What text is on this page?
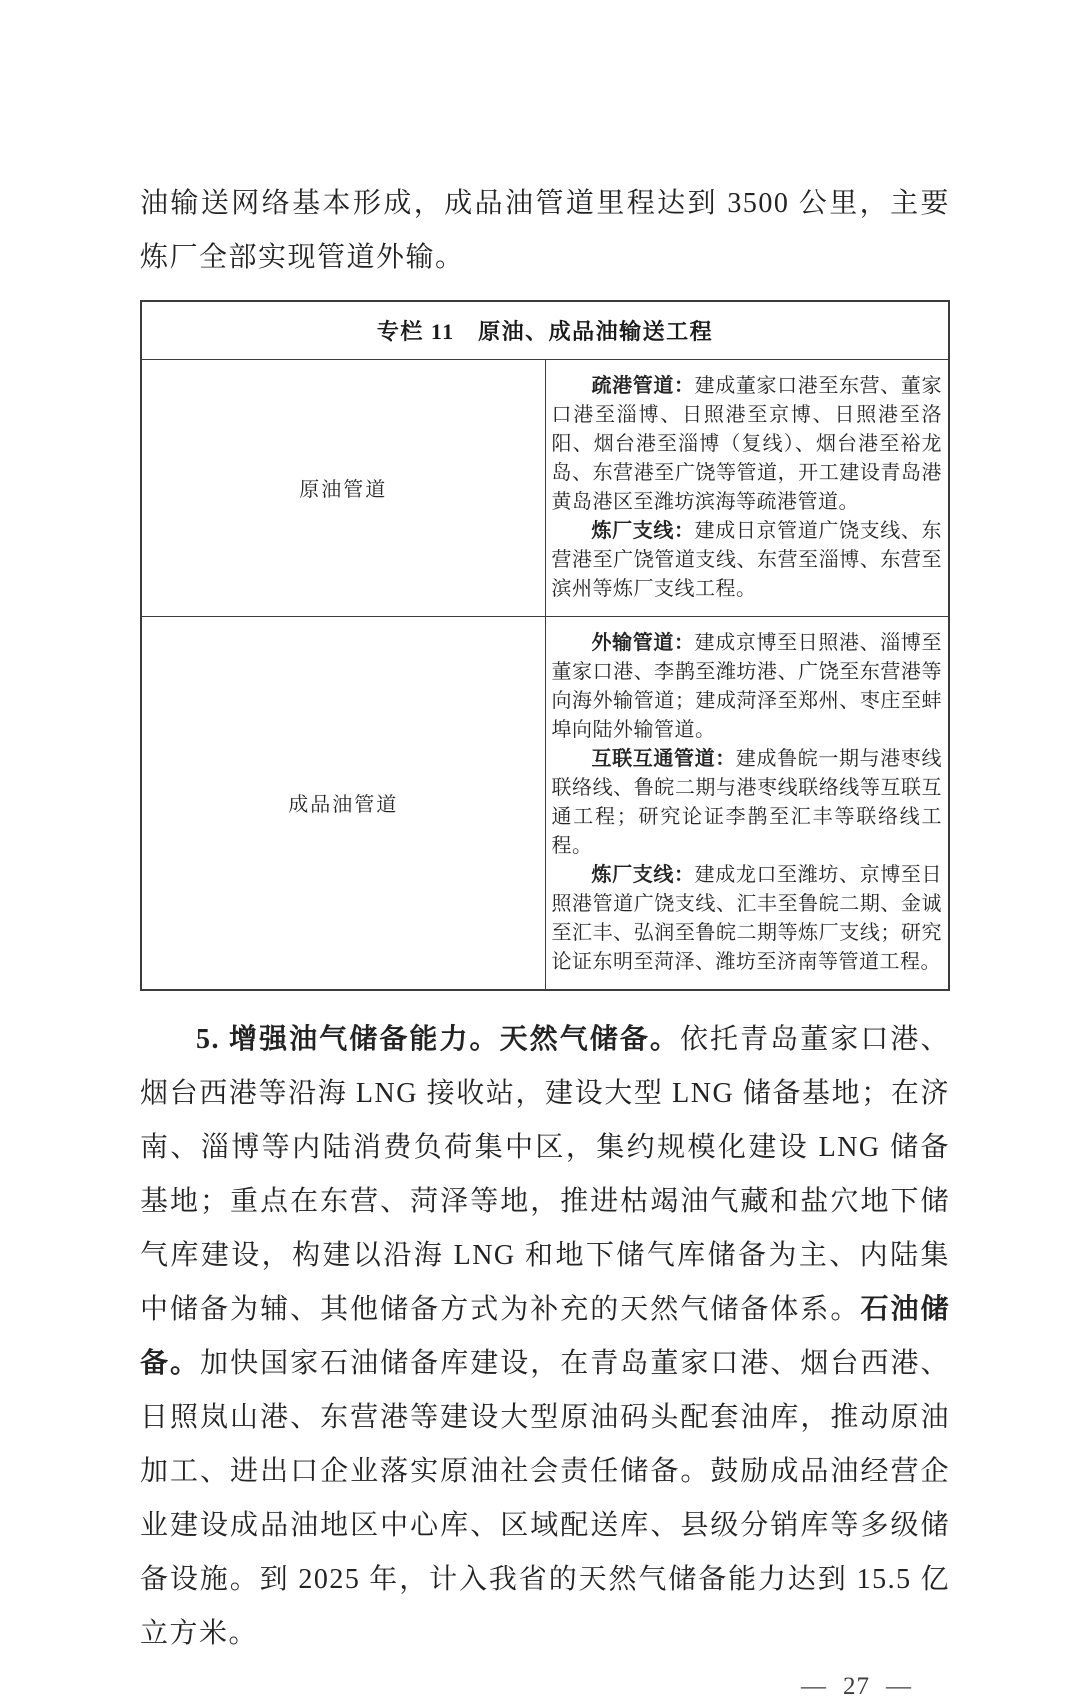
油输送网络基本形成，成品油管道里程达到 3500 公里，主要炼厂全部实现管道外输。

专栏 11　原油、成品油输送工程	
原油管道	疏港管道：建成董家口港至东营、董家口港至淄博、日照港至京博、日照港至洛阳、烟台港至淄博（复线）、烟台港至裕龙岛、东营港至广饶等管道，开工建设青岛港黄岛港区至潍坊滨海等疏港管道。

炼厂支线：建成日京管道广饶支线、东营港至广饶管道支线、东营至淄博、东营至滨州等炼厂支线工程。

成品油管道	外输管道：建成京博至日照港、淄博至董家口港、李鹊至潍坊港、广饶至东营港等向海外输管道；建成菏泽至郑州、枣庄至蚌埠向陆外输管道。

互联互通管道：建成鲁皖一期与港枣线联络线、鲁皖二期与港枣线联络线等互联互通工程；研究论证李鹊至汇丰等联络线工程。

炼厂支线：建成龙口至潍坊、京博至日照港管道广饶支线、汇丰至鲁皖二期、金诚至汇丰、弘润至鲁皖二期等炼厂支线；研究论证东明至菏泽、潍坊至济南等管道工程。

5. 增强油气储备能力。天然气储备。依托青岛董家口港、烟台西港等沿海 LNG 接收站，建设大型 LNG 储备基地；在济南、淄博等内陆消费负荷集中区，集约规模化建设 LNG 储备基地；重点在东营、菏泽等地，推进枯竭油气藏和盐穴地下储气库建设，构建以沿海 LNG 和地下储气库储备为主、内陆集中储备为辅、其他储备方式为补充的天然气储备体系。石油储备。加快国家石油储备库建设，在青岛董家口港、烟台西港、日照岚山港、东营港等建设大型原油码头配套油库，推动原油加工、进出口企业落实原油社会责任储备。鼓励成品油经营企业建设成品油地区中心库、区域配送库、县级分销库等多级储备设施。到 2025 年，计入我省的天然气储备能力达到 15.5 亿立方米。

— 27 —
